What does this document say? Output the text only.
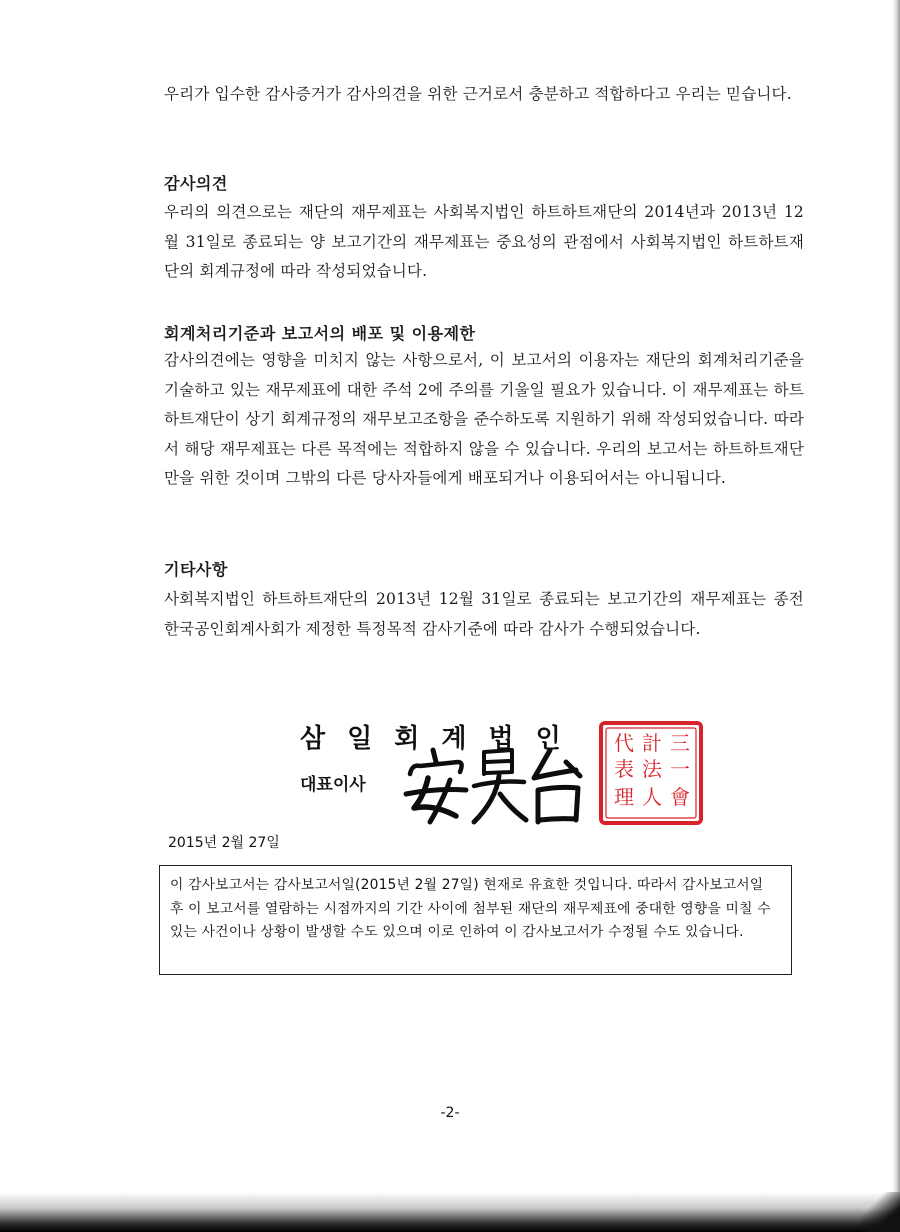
우리가 입수한 감사증거가 감사의견을 위한 근거로서 충분하고 적합하다고 우리는 믿습니다.

감사의견

우리의 의견으로는 재단의 재무제표는 사회복지법인 하트하트재단의 2014년과 2013년 12월 31일로 종료되는 양 보고기간의 재무제표는 중요성의 관점에서 사회복지법인 하트하트재단의 회계규정에 따라 작성되었습니다.

회계처리기준과 보고서의 배포 및 이용제한

감사의견에는 영향을 미치지 않는 사항으로서, 이 보고서의 이용자는 재단의 회계처리기준을 기술하고 있는 재무제표에 대한 주석 2에 주의를 기울일 필요가 있습니다. 이 재무제표는 하트하트재단이 상기 회계규정의 재무보고조항을 준수하도록 지원하기 위해 작성되었습니다. 따라서 해당 재무제표는 다른 목적에는 적합하지 않을 수 있습니다. 우리의 보고서는 하트하트재단만을 위한 것이며 그밖의 다른 당사자들에게 배포되거나 이용되어서는 아니됩니다.

기타사항

사회복지법인 하트하트재단의 2013년 12월 31일로 종료되는 보고기간의 재무제표는 종전 한국공인회계사회가 제정한 특정목적 감사기준에 따라 감사가 수행되었습니다.

삼일회계법인

대표이사

三
一
會
計
法
人
代
表
理

2015년 2월 27일

이 감사보고서는 감사보고서일(2015년 2월 27일) 현재로 유효한 것입니다. 따라서 감사보고서일 후 이 보고서를 열람하는 시점까지의 기간 사이에 첨부된 재단의 재무제표에 중대한 영향을 미칠 수 있는 사건이나 상황이 발생할 수도 있으며 이로 인하여 이 감사보고서가 수정될 수도 있습니다.

-2-
